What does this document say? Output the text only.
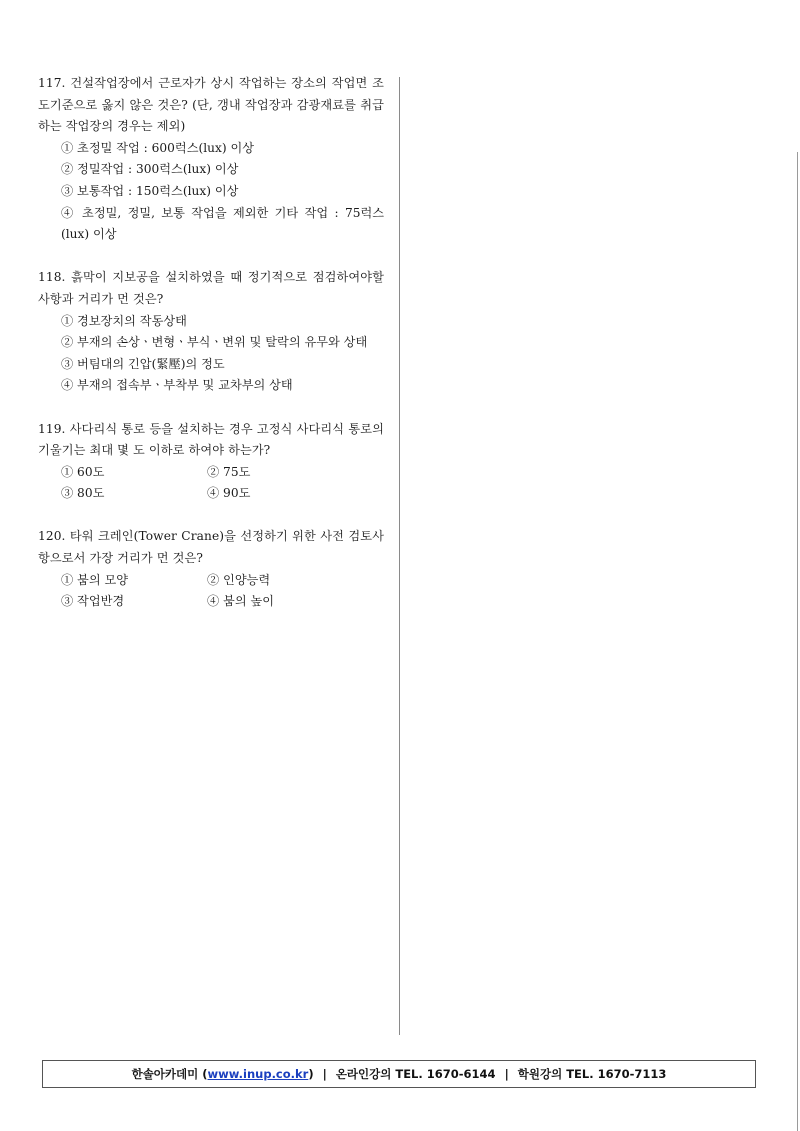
117. 건설작업장에서 근로자가 상시 작업하는 장소의 작업면 조도기준으로 옳지 않은 것은? (단, 갱내 작업장과 감광재료를 취급하는 작업장의 경우는 제외)
① 초정밀 작업 : 600럭스(lux) 이상
② 정밀작업 : 300럭스(lux) 이상
③ 보통작업 : 150럭스(lux) 이상
④ 초정밀, 정밀, 보통 작업을 제외한 기타 작업 : 75럭스(lux) 이상
118. 흙막이 지보공을 설치하였을 때 정기적으로 점검하여야할 사항과 거리가 먼 것은?
① 경보장치의 작동상태
② 부재의 손상ㆍ변형ㆍ부식ㆍ변위 및 탈락의 유무와 상태
③ 버팀대의 긴압(緊壓)의 정도
④ 부재의 접속부ㆍ부착부 및 교차부의 상태
119. 사다리식 통로 등을 설치하는 경우 고정식 사다리식 통로의 기울기는 최대 몇 도 이하로 하여야 하는가?
① 60도	② 75도
③ 80도	④ 90도
120. 타워 크레인(Tower Crane)을 선정하기 위한 사전 검토사항으로서 가장 거리가 먼 것은?
① 붐의 모양	② 인양능력
③ 작업반경	④ 붐의 높이
한솔아카데미 ( www.inup.co.kr ) | 온라인강의 TEL. 1670-6144 | 학원강의 TEL. 1670-7113
